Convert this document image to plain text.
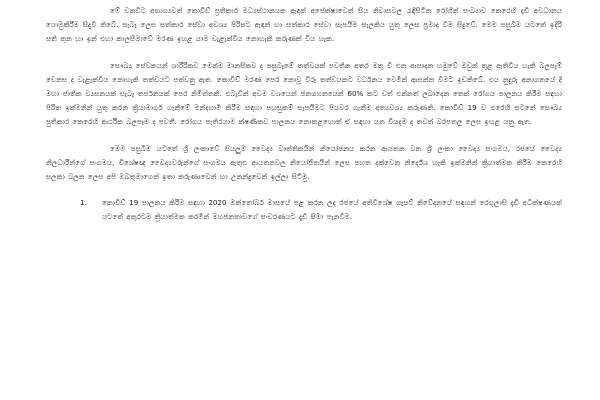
මේ වනවිට අභාග්‍යවත් කොවිඩ් ප්‍රතිකාර මධ්‍යස්ථානයක ඇඳක් අපේක්ෂාවෙන් සිය නිවාසවල රැඳීසිටින රෝගීන් සංඛ්‍යාව කෙරෙහි දැඩි අවධානය යොමුකිරීම සිදුවී තිබේ. සැබෑ ලෙස සත්කාර සේවා අවශ්‍ය පිරිසට ඇඳන් හා සත්කාර සේවා සැපයීම සැලකිය යුතු ලෙස ප්‍රමාද වීම සිදුවේ. මෙම පසුබිම යටතේ ඉදිරි සති තුන හා ඉන් එහා කාලසීමාවේ මරණ ඉහළ යාම වැළැක්විය නොහැකි කරුණක් විය හැක.

සෞඛ්‍ය සේවකයන් ශාරීරිකව මෙන්ම මානසිකව ද පසුබෑමේ තත්වයක් පවතින අතර මතු වී එන ආසාදන හමුවේ ඔවුන් තුළ ඇතිවිය හැකි බලපෑම් වෙනස ද වැළැක්විය නොහැකි තත්වයට පත්වනු ඇත. කොවිඩ් මරණ පෙර නොවූ විරූ තත්වයකට වර්ධනය වෙමින් ආසන්න වීමට ඉඩකිබේ. එය නුදුරු අනාගතයේ දී මහා ජාතික ව්‍යසනයක් සැබෑ තර්ජනයක් පෙර නිමිත්තකි. එබැවින් අවම වශයෙන් ජනගහනයෙන් 60% කට වත් එන්නත් ලබාදෙන තෙක් රෝගය පාලනය කිරීම සඳහා පිරිත ඉක්මනින් යුතු කරන ක්‍රියාමාර්ග ගැනීමේ මන්දගාමී කිරීම සඳහා පහසුකම් සැපයීමට පියවර ගැනීම අත්‍යවශ්‍ය කරුණකි. කොවිඩ් 19 ව එරෙහි සටනේ සෞඛ්‍ය පුතිකාර කෙරෙහි ආර්ථික බලපෑම ද පවතී. රෝගය පැතිරයාම ක්ෂණිකව පාලනය නොකළහොත් ඒ සඳහා යන වියදම ද තවත් බරපතල ලෙස ඉහළ යනු ඇත.

මෙම පසුබිම යටතේ ශ්‍රී ලංකාවේ සියලුම වෛද්‍ය වෘත්තිකයින් නියෝජනය කරන ආයතන වන ශ්‍රී ලංකා වෛද්‍ය සංගමය, රජයේ වෛද්‍ය නිලධාරීන්ගේ සංගමය, විශේෂඥ වෛද්‍යවරුන්ගේ සංගමය ඇතුළු ආයතනවල නියෝජිතයින් ලෙස පහත දක්වෙන නිර්දේශ හැකි ඉක්මනින් ක්‍රියාත්මක කිරීම කෙරෙහි සලකා බලන ලෙස අපි ඔබතුමාගෙන් ඉතා කරුණාවෙන් හා උනන්දුවෙන් ඉල්ලා සිටිමු.

1. කොවිඩ් 19 පාලනය කිරීම සඳහා 2020 ඔක්තෝබර් මාසයේ පළ කරන ලද රජයේ අතිවිශේෂ ගැසට් නිවේදනයේ සඳහන් රෙගුලාසි දැඩි අධීක්ෂණයක් යටතේ අකුරටම ක්‍රියාත්මක කරමින් මහජනතාවගේ සංචරණයට දැඩි සීමා පැනවීම.
